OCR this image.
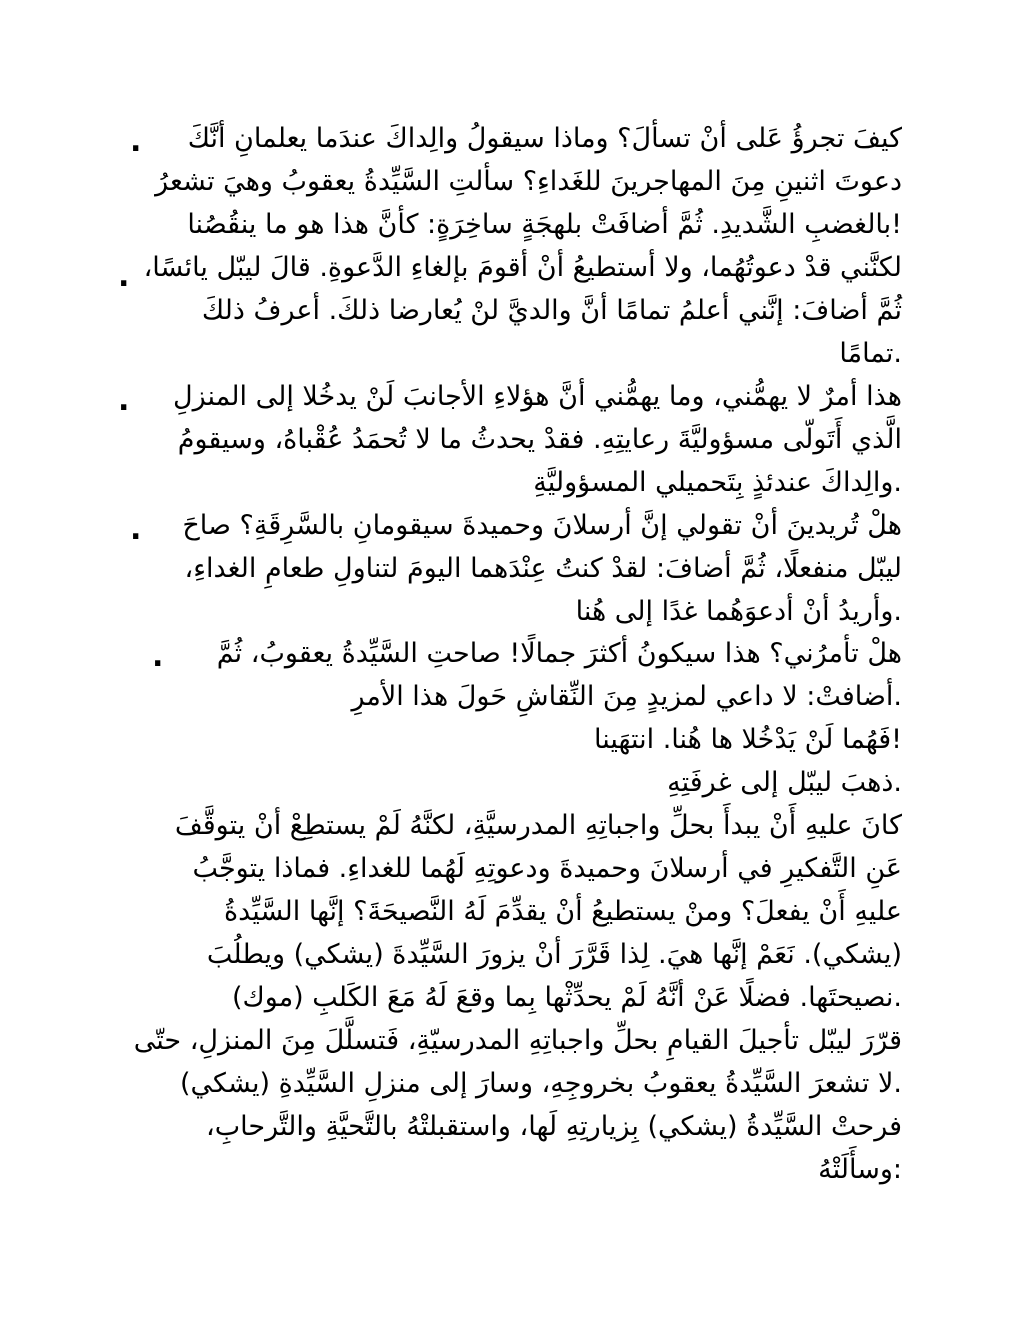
.
.
.
.
.
كيفَ تجرؤُ عَلى أنْ تسألَ؟ وماذا سيقولُ والِداكَ عندَما يعلمانِ أنَّكَ
دعوتَ اثنينِ مِنَ المهاجرينَ للغَداءِ؟ سألتِ السَّيِّدةُ يعقوبُ وهيَ تشعرُ
!بالغضبِ الشَّديدِ. ثُمَّ أضافَتْ بلهجَةٍ ساخِرَةٍ: كأنَّ هذا هو ما ينقُصُنا
لكنَّني قدْ دعوتُهُما، ولا أستطيعُ أنْ أقومَ بإلغاءِ الدَّعوةِ. قالَ ليبّل يائسًا،
ثُمَّ أضافَ: إنَّني أعلمُ تمامًا أنَّ والديَّ لنْ يُعارضا ذلكَ. أعرفُ ذلكَ
.تمامًا
هذا أمرٌ لا يهمُّني، وما يهمُّني أنَّ هؤلاءِ الأجانبَ لَنْ يدخُلا إلى المنزلِ
الَّذي أَتَولّى مسؤوليَّةَ رعايتِهِ. فقدْ يحدثُ ما لا تُحمَدُ عُقْباهُ، وسيقومُ
.والِداكَ عندئذٍ بِتَحميلي المسؤوليَّةِ
هلْ تُريدينَ أنْ تقولي إنَّ أرسلانَ وحميدةَ سيقومانِ بالسَّرِقَةِ؟ صاحَ
ليبّل منفعلًا، ثُمَّ أضافَ: لقدْ كنتُ عِنْدَهما اليومَ لتناولِ طعامِ الغداءِ،
.وأريدُ أنْ أدعوَهُما غدًا إلى هُنا
هلْ تأمرُني؟ هذا سيكونُ أكثرَ جمالًا! صاحتِ السَّيِّدةُ يعقوبُ، ثُمَّ
.أضافتْ: لا داعي لمزيدٍ مِنَ النِّقاشِ حَولَ هذا الأمرِ
!فَهُما لَنْ يَدْخُلا ها هُنا. انتهَينا
.ذهبَ ليبّل إلى غرفَتِهِ
كانَ عليهِ أَنْ يبدأَ بحلِّ واجباتِهِ المدرسيَّةِ، لكنَّهُ لَمْ يستطِعْ أنْ يتوقَّفَ
عَنِ التَّفكيرِ في أرسلانَ وحميدةَ ودعوتِهِ لَهُما للغداءِ. فماذا يتوجَّبُ
عليهِ أَنْ يفعلَ؟ ومنْ يستطيعُ أنْ يقدِّمَ لَهُ النَّصيحَةَ؟ إنَّها السَّيِّدةُ
(يشكي). نَعَمْ إنَّها هيَ. لِذا قَرَّرَ أنْ يزورَ السَّيِّدةَ (يشكي) ويطلُبَ
.نصيحتَها. فضلًا عَنْ أنَّهُ لَمْ يحدِّثْها بِما وقعَ لَهُ مَعَ الكَلبِ (موك)
قرّرَ ليبّل تأجيلَ القيامِ بحلِّ واجباتِهِ المدرسيّةِ، فَتسلَّلَ مِنَ المنزلِ، حتّى
.لا تشعرَ السَّيِّدةُ يعقوبُ بخروجِهِ، وسارَ إلى منزلِ السَّيِّدةِ (يشكي)
فرحتْ السَّيِّدةُ (يشكي) بِزيارتِهِ لَها، واستقبلتْهُ بالتَّحيَّةِ والتَّرحابِ،
:وسأَلَتْهُ
